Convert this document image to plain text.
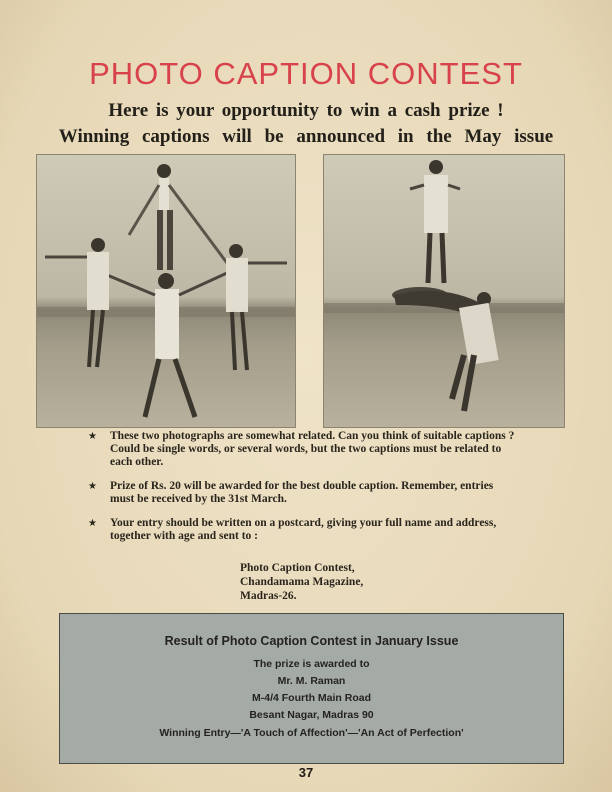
PHOTO CAPTION CONTEST
Here is your opportunity to win a cash prize !
Winning captions will be announced in the May issue
★ These two photographs are somewhat related. Can you think of suitable captions ? Could be single words, or several words, but the two captions must be related to each other.
★ Prize of Rs. 20 will be awarded for the best double caption. Remember, entries must be received by the 31st March.
★ Your entry should be written on a postcard, giving your full name and address, together with age and sent to :
Photo Caption Contest,
Chandamama Magazine,
Madras-26.
Result of Photo Caption Contest in January Issue
The prize is awarded to
Mr. M. Raman
M-4/4 Fourth Main Road
Besant Nagar, Madras 90
Winning Entry—'A Touch of Affection'—'An Act of Perfection'
37
